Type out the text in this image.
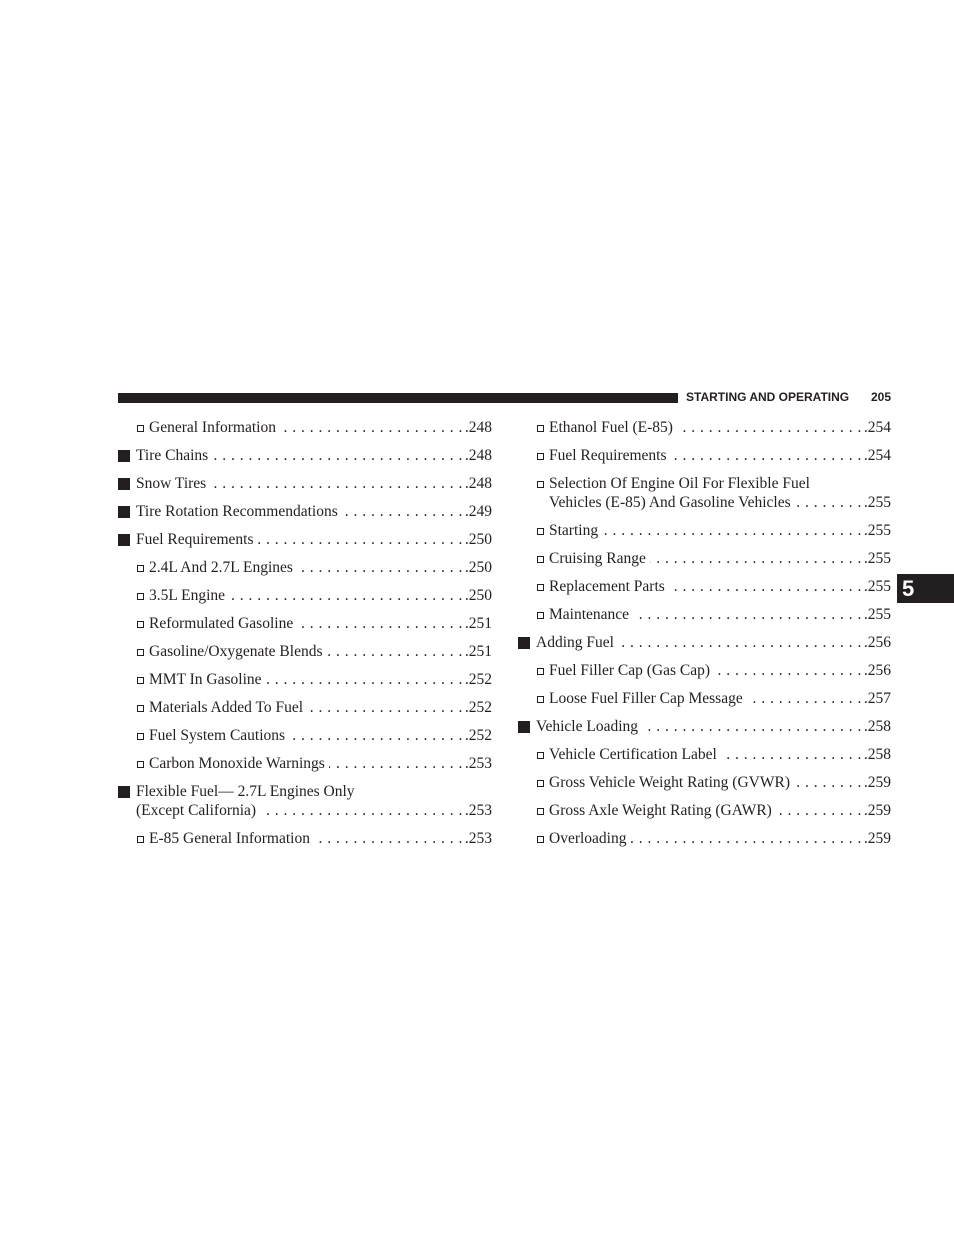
STARTING AND OPERATING 205
5
General Information . . .	.248
Tire Chains . . .	.248
Snow Tires . . .	.248
Tire Rotation Recommendations . . .	.249
Fuel Requirements . . .	.250
2.4L And 2.7L Engines . . .	.250
3.5L Engine . . .	.250
Reformulated Gasoline . . .	.251
Gasoline/Oxygenate Blends . . .	.251
MMT In Gasoline . . .	.252
Materials Added To Fuel . . .	.252
Fuel System Cautions . . .	.252
Carbon Monoxide Warnings . . .	.253
Flexible Fuel— 2.7L Engines Only
(Except California) . . .	.253
E-85 General Information . . .	.253
Ethanol Fuel (E-85) . . .	.254
Fuel Requirements . . .	.254
Selection Of Engine Oil For Flexible Fuel
Vehicles (E-85) And Gasoline Vehicles . . .	.255
Starting . . .	.255
Cruising Range . . .	.255
Replacement Parts . . .	.255
Maintenance . . .	.255
Adding Fuel . . .	.256
Fuel Filler Cap (Gas Cap) . . .	.256
Loose Fuel Filler Cap Message . . .	.257
Vehicle Loading . . .	.258
Vehicle Certification Label . . .	.258
Gross Vehicle Weight Rating (GVWR) . . .	.259
Gross Axle Weight Rating (GAWR) . . .	.259
Overloading . . .	.259
